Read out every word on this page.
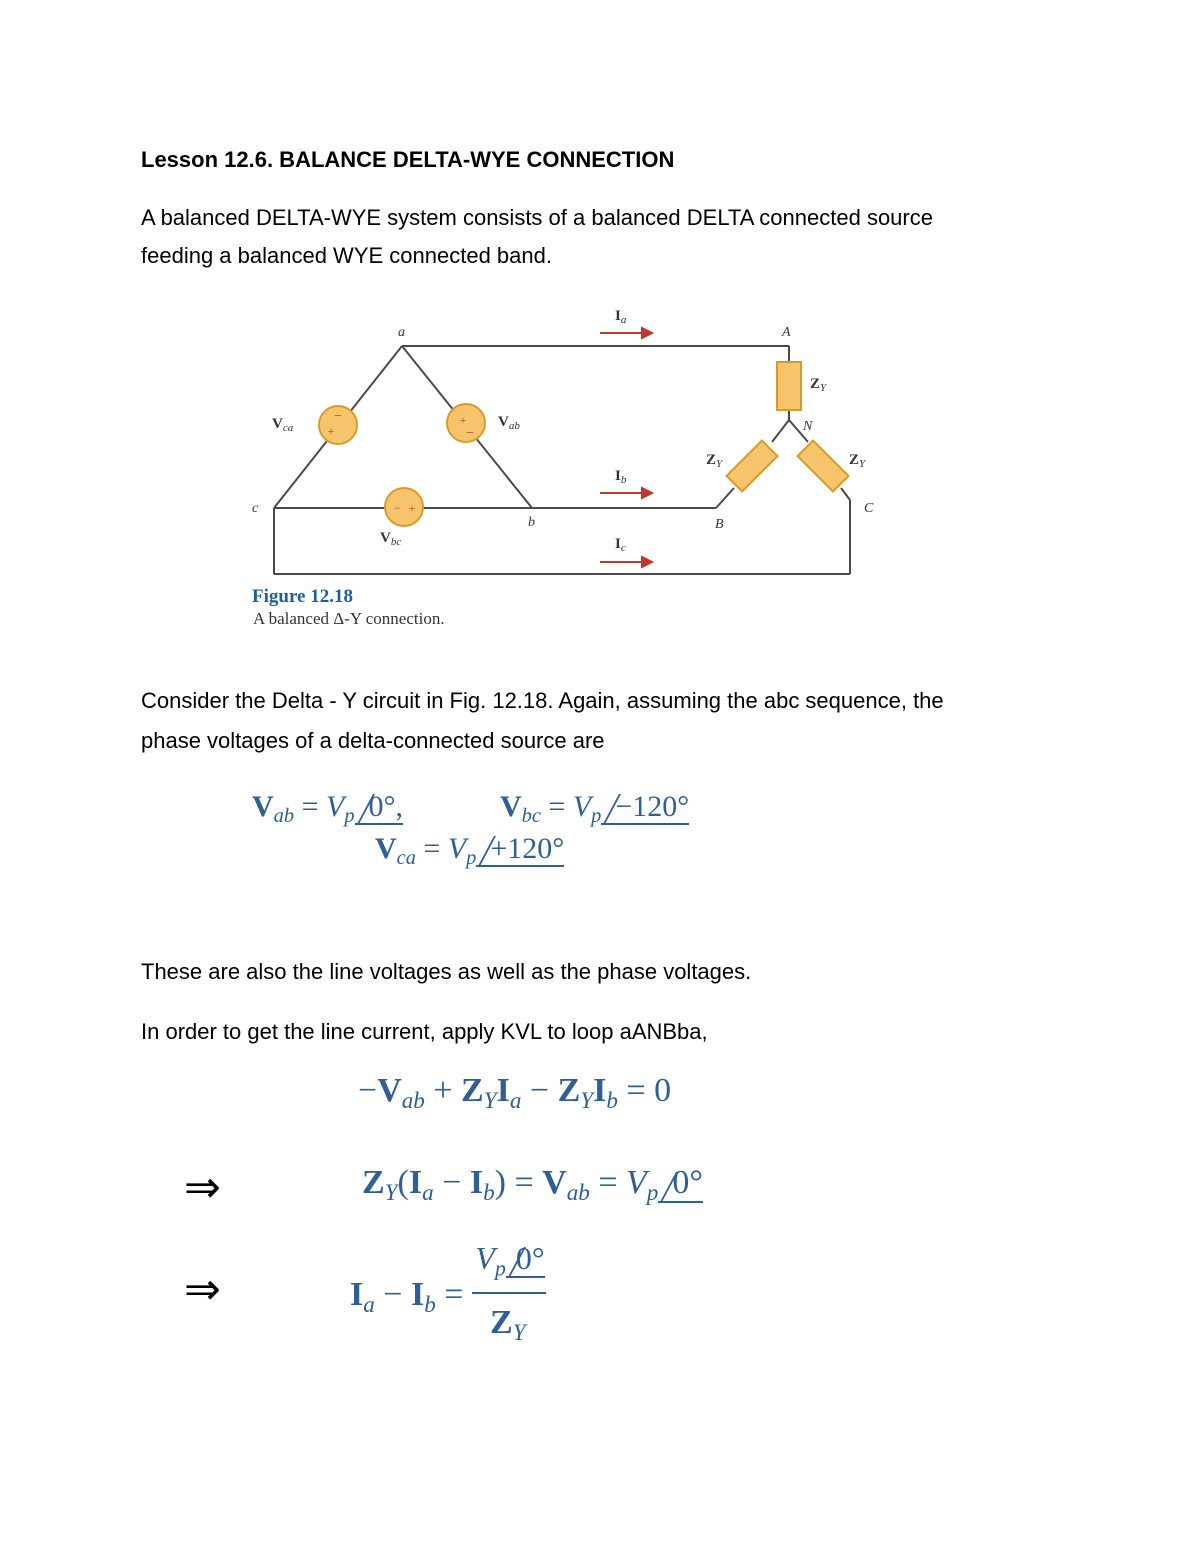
Lesson 12.6. BALANCE DELTA-WYE CONNECTION
A balanced DELTA-WYE system consists of a balanced DELTA connected source
feeding a balanced WYE connected band.
−
+
+
−
− +
a
b
c
A
B
C
N
$V_{ca}$	$V_{ab}$
$V_{bc}$
$I_a$
$I_b$
$I_c$
$Z_Y$
$Z_Y$	$Z_Y$
Figure 12.18
A balanced Δ-Y connection.
Consider the Delta - Y circuit in Fig. 12.18. Again, assuming the abc sequence, the
phase voltages of a delta-connected source are
$V_{ab} = V_p$ 0°,	$V_{bc} = V_p -120^\circ$
$V_{ca} = V_p +120^\circ$
These are also the line voltages as well as the phase voltages.
In order to get the line current, apply KVL to loop aANBba,
$-V_{ab} + Z_YI_a - Z_YI_b = 0$
⇒
⇒
$Z_Y(I_a - I_b) = V_{ab} = V_p$ 0°
$I_a - I_b$ =
$V_p$ 0°
$Z_Y$
